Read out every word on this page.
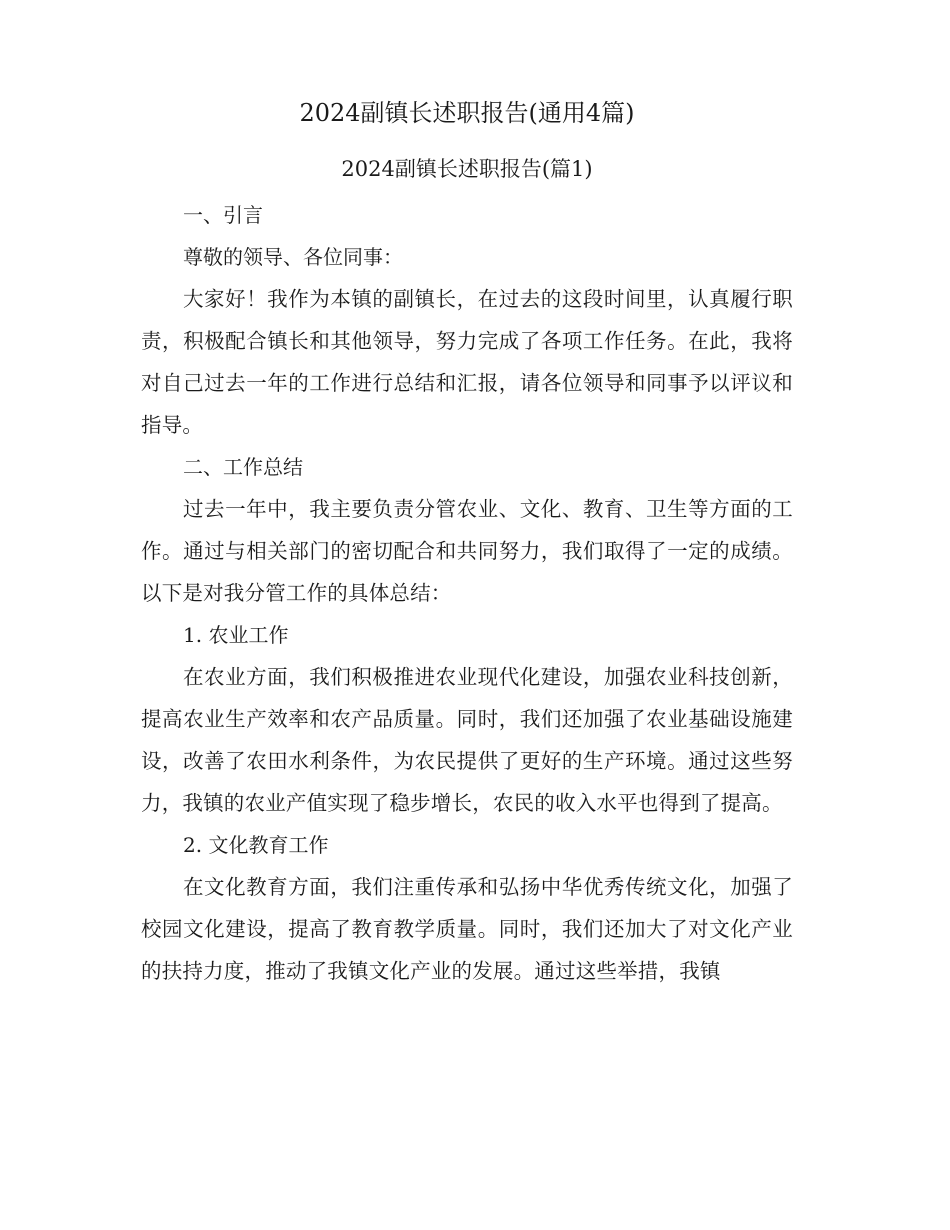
2024副镇长述职报告(通用4篇)
2024副镇长述职报告(篇1)

一、引言

尊敬的领导、各位同事：

大家好！我作为本镇的副镇长，在过去的这段时间里，认真履行职责，积极配合镇长和其他领导，努力完成了各项工作任务。在此，我将对自己过去一年的工作进行总结和汇报，请各位领导和同事予以评议和指导。

二、工作总结

过去一年中，我主要负责分管农业、文化、教育、卫生等方面的工作。通过与相关部门的密切配合和共同努力，我们取得了一定的成绩。以下是对我分管工作的具体总结：

1. 农业工作

在农业方面，我们积极推进农业现代化建设，加强农业科技创新，提高农业生产效率和农产品质量。同时，我们还加强了农业基础设施建设，改善了农田水利条件，为农民提供了更好的生产环境。通过这些努力，我镇的农业产值实现了稳步增长，农民的收入水平也得到了提高。

2. 文化教育工作

在文化教育方面，我们注重传承和弘扬中华优秀传统文化，加强了校园文化建设，提高了教育教学质量。同时，我们还加大了对文化产业的扶持力度，推动了我镇文化产业的发展。通过这些举措，我镇
